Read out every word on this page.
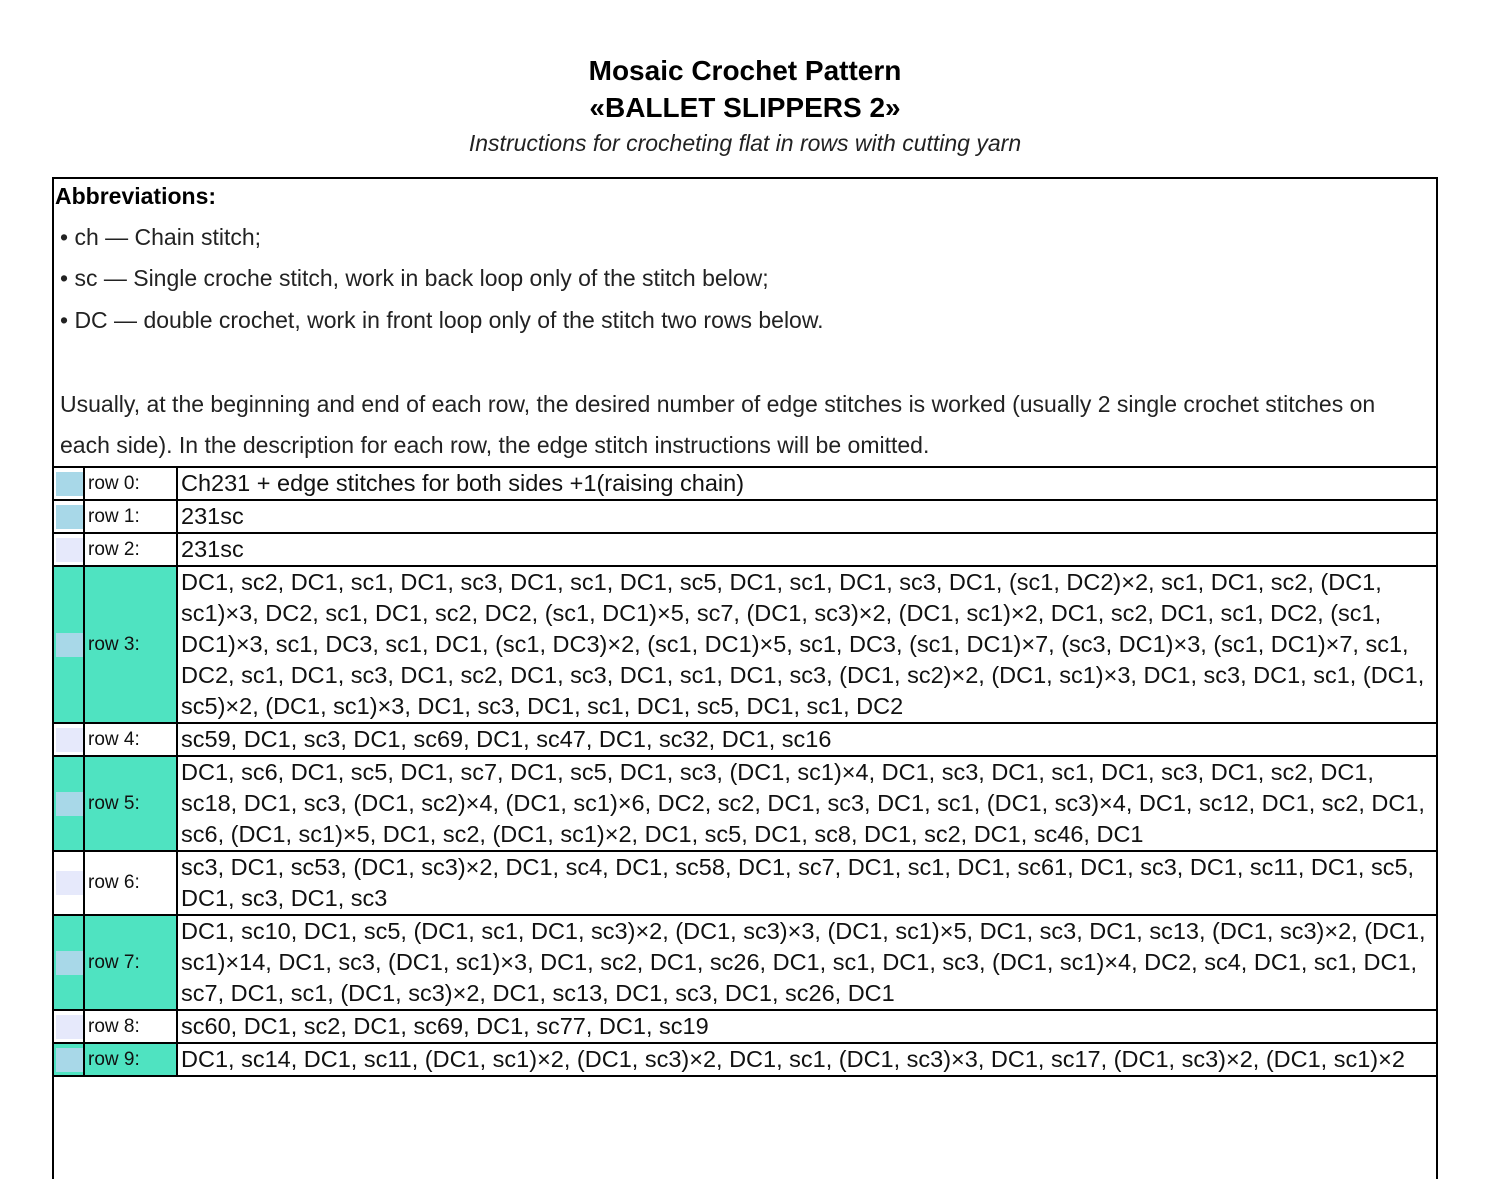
Mosaic Crochet Pattern
«BALLET SLIPPERS 2»
Instructions for crocheting flat in rows with cutting yarn
Abbreviations:
• ch — Chain stitch;
• sc — Single croche stitch, work in back loop only of the stitch below;
• DC — double crochet, work in front loop only of the stitch two rows below.
Usually, at the beginning and end of each row, the desired number of edge stitches is worked (usually 2 single crochet stitches on each side). In the description for each row, the edge stitch instructions will be omitted.
	row 0:	Ch231 + edge stitches for both sides +1(raising chain)

	row 1:	231sc

	row 2:	231sc

	row 3:	DC1, sc2, DC1, sc1, DC1, sc3, DC1, sc1, DC1, sc5, DC1, sc1, DC1, sc3, DC1, (sc1, DC2)×2, sc1, DC1, sc2, (DC1, sc1)×3, DC2, sc1, DC1, sc2, DC2, (sc1, DC1)×5, sc7, (DC1, sc3)×2, (DC1, sc1)×2, DC1, sc2, DC1, sc1, DC2, (sc1, DC1)×3, sc1, DC3, sc1, DC1, (sc1, DC3)×2, (sc1, DC1)×5, sc1, DC3, (sc1, DC1)×7, (sc3, DC1)×3, (sc1, DC1)×7, sc1, DC2, sc1, DC1, sc3, DC1, sc2, DC1, sc3, DC1, sc1, DC1, sc3, (DC1, sc2)×2, (DC1, sc1)×3, DC1, sc3, DC1, sc1, (DC1, sc5)×2, (DC1, sc1)×3, DC1, sc3, DC1, sc1, DC1, sc5, DC1, sc1, DC2

	row 4:	sc59, DC1, sc3, DC1, sc69, DC1, sc47, DC1, sc32, DC1, sc16

	row 5:	DC1, sc6, DC1, sc5, DC1, sc7, DC1, sc5, DC1, sc3, (DC1, sc1)×4, DC1, sc3, DC1, sc1, DC1, sc3, DC1, sc2, DC1, sc18, DC1, sc3, (DC1, sc2)×4, (DC1, sc1)×6, DC2, sc2, DC1, sc3, DC1, sc1, (DC1, sc3)×4, DC1, sc12, DC1, sc2, DC1, sc6, (DC1, sc1)×5, DC1, sc2, (DC1, sc1)×2, DC1, sc5, DC1, sc8, DC1, sc2, DC1, sc46, DC1

	row 6:	sc3, DC1, sc53, (DC1, sc3)×2, DC1, sc4, DC1, sc58, DC1, sc7, DC1, sc1, DC1, sc61, DC1, sc3, DC1, sc11, DC1, sc5, DC1, sc3, DC1, sc3

	row 7:	DC1, sc10, DC1, sc5, (DC1, sc1, DC1, sc3)×2, (DC1, sc3)×3, (DC1, sc1)×5, DC1, sc3, DC1, sc13, (DC1, sc3)×2, (DC1, sc1)×14, DC1, sc3, (DC1, sc1)×3, DC1, sc2, DC1, sc26, DC1, sc1, DC1, sc3, (DC1, sc1)×4, DC2, sc4, DC1, sc1, DC1, sc7, DC1, sc1, (DC1, sc3)×2, DC1, sc13, DC1, sc3, DC1, sc26, DC1

	row 8:	sc60, DC1, sc2, DC1, sc69, DC1, sc77, DC1, sc19

	row 9:	DC1, sc14, DC1, sc11, (DC1, sc1)×2, (DC1, sc3)×2, DC1, sc1, (DC1, sc3)×3, DC1, sc17, (DC1, sc3)×2, (DC1, sc1)×2
